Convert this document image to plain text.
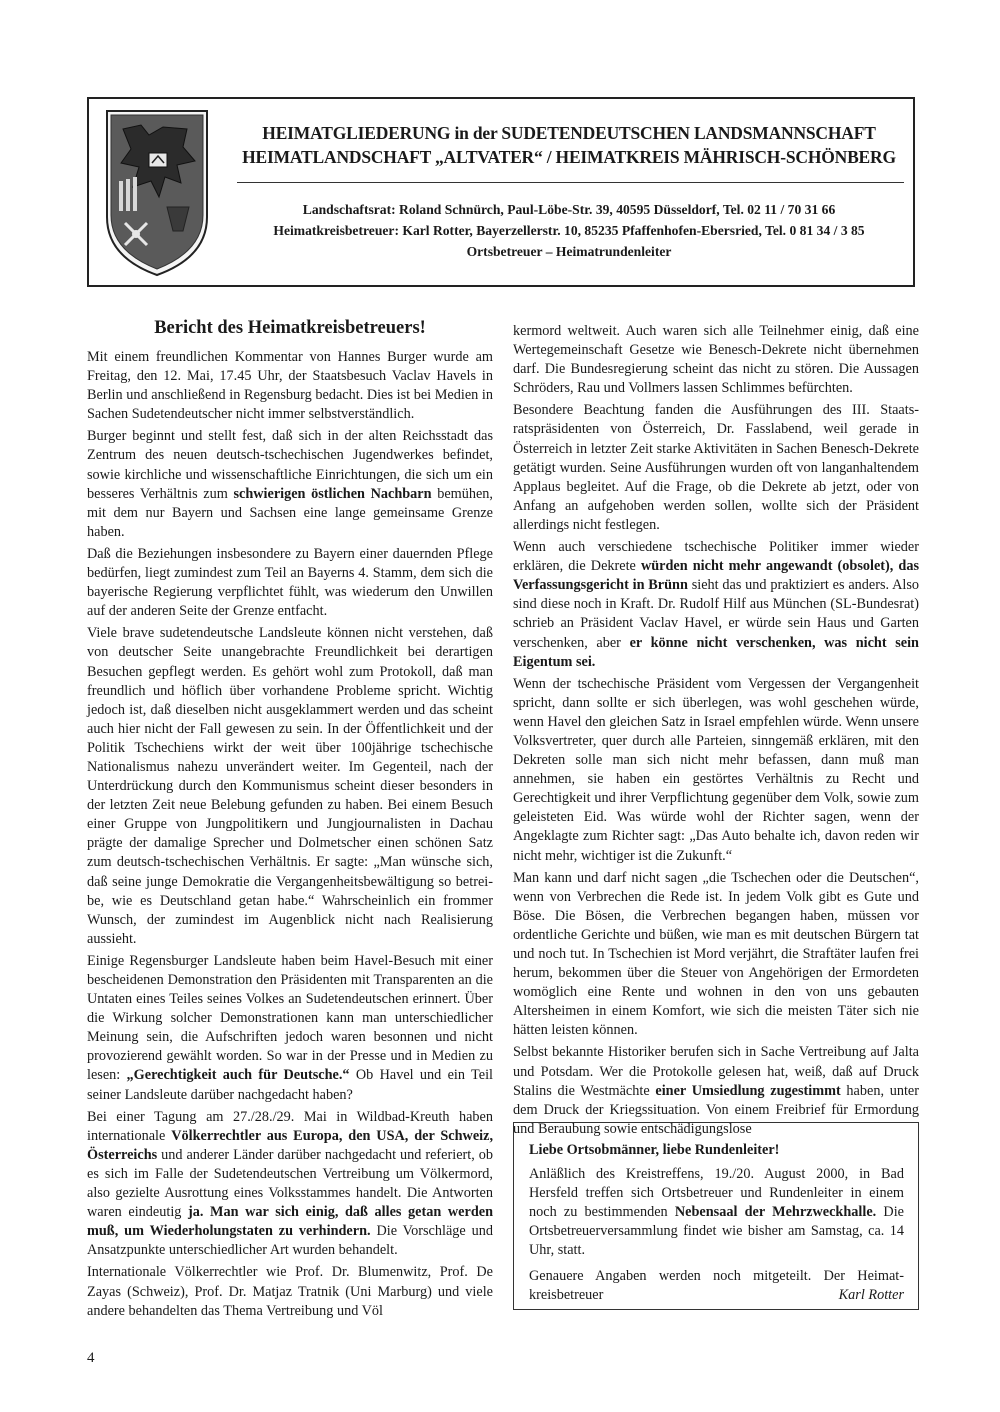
HEIMATGLIEDERUNG in der SUDETENDEUTSCHEN LANDSMANNSCHAFT
HEIMATLANDSCHAFT „ALTVATER“ / HEIMATKREIS MÄHRISCH-SCHÖNBERG
Landschaftsrat: Roland Schnürch, Paul-Löbe-Str. 39, 40595 Düsseldorf, Tel. 02 11 / 70 31 66
Heimatkreisbetreuer: Karl Rotter, Bayerzellerstr. 10, 85235 Pfaffenhofen-Ebersried, Tel. 0 81 34 / 3 85
Ortsbetreuer – Heimatrundenleiter
Bericht des Heimatkreisbetreuers!

Mit einem freundlichen Kommentar von Hannes Burger wurde am Freitag, den 12. Mai, 17.45 Uhr, der Staatsbesuch Vaclav Havels in Berlin und anschließend in Regensburg bedacht. Dies ist bei Medien in Sachen Sudetendeutscher nicht immer selbstverständlich.

Burger beginnt und stellt fest, daß sich in der alten Reichsstadt das Zentrum des neuen deutsch-tschechischen Jugendwerkes befindet, sowie kirchliche und wissenschaftliche Einrichtungen, die sich um ein besseres Verhältnis zum schwierigen östlichen Nachbarn bemühen, mit dem nur Bayern und Sachsen eine lange gemeinsame Grenze haben.

Daß die Beziehungen insbesondere zu Bayern einer dauernden Pflege bedürfen, liegt zumindest zum Teil an Bayerns 4. Stamm, dem sich die bayerische Regierung verpflichtet fühlt, was wiederum den Unwillen auf der anderen Seite der Grenze entfacht.

Viele brave sudetendeutsche Landsleute können nicht verstehen, daß von deutscher Seite unangebrachte Freundlichkeit bei derartigen Besuchen gepflegt werden. Es gehört wohl zum Protokoll, daß man freundlich und höflich über vorhandene Probleme spricht. Wichtig jedoch ist, daß dieselben nicht ausgeklammert werden und das scheint auch hier nicht der Fall gewesen zu sein. In der Öffentlichkeit und der Politik Tschechiens wirkt der weit über 100jährige tschechische Nationalismus nahezu unverändert weiter. Im Gegenteil, nach der Unterdrückung durch den Kommunismus scheint dieser besonders in der letzten Zeit neue Belebung gefunden zu haben. Bei einem Besuch einer Gruppe von Jungpolitikern und Jungjournalisten in Dachau prägte der damalige Sprecher und Dolmetscher einen schönen Satz zum deutsch-tschechischen Verhältnis. Er sagte: „Man wünsche sich, daß seine junge Demokratie die Vergangenheitsbewältigung so betreibe, wie es Deutschland getan habe.“ Wahrscheinlich ein frommer Wunsch, der zumindest im Augenblick nicht nach Realisierung aussieht.

Einige Regensburger Landsleute haben beim Havel-Besuch mit einer bescheidenen Demonstration den Präsidenten mit Transparenten an die Untaten eines Teiles seines Volkes an Sudetendeutschen erinnert. Über die Wirkung solcher Demonstrationen kann man unterschiedlicher Meinung sein, die Aufschriften jedoch waren besonnen und nicht provozierend gewählt worden. So war in der Presse und in Medien zu lesen: „Gerechtigkeit auch für Deutsche.“ Ob Havel und ein Teil seiner Landsleute darüber nachgedacht haben?

Bei einer Tagung am 27./28./29. Mai in Wildbad-Kreuth haben internationale Völkerrechtler aus Europa, den USA, der Schweiz, Österreichs und anderer Länder darüber nachgedacht und referiert, ob es sich im Falle der Sudetendeutschen Vertreibung um Völkermord, also gezielte Ausrottung eines Volksstammes handelt. Die Antworten waren eindeutig ja. Man war sich einig, daß alles getan werden muß, um Wiederholungstaten zu verhindern. Die Vorschläge und Ansatzpunkte unterschiedlicher Art wurden behandelt.

Internationale Völkerrechtler wie Prof. Dr. Blumenwitz, Prof. De Zayas (Schweiz), Prof. Dr. Matjaz Tratnik (Uni Marburg) und viele andere behandelten das Thema Vertreibung und Völ

kermord weltweit. Auch waren sich alle Teilnehmer einig, daß eine Wertegemeinschaft Gesetze wie Benesch-Dekrete nicht übernehmen darf. Die Bundesregierung scheint das nicht zu stören. Die Aussagen Schröders, Rau und Vollmers lassen Schlimmes befürchten.

Besondere Beachtung fanden die Ausführungen des III. Staatsratspräsidenten von Österreich, Dr. Fasslabend, weil gerade in Österreich in letzter Zeit starke Aktivitäten in Sachen Benesch-Dekrete getätigt wurden. Seine Ausführungen wurden oft von langanhaltendem Applaus begleitet. Auf die Frage, ob die Dekrete ab jetzt, oder von Anfang an aufgehoben werden sollen, wollte sich der Präsident allerdings nicht festlegen.

Wenn auch verschiedene tschechische Politiker immer wieder erklären, die Dekrete würden nicht mehr angewandt (obsolet), das Verfassungsgericht in Brünn sieht das und praktiziert es anders. Also sind diese noch in Kraft. Dr. Rudolf Hilf aus München (SL-Bundesrat) schrieb an Präsident Vaclav Havel, er würde sein Haus und Garten verschenken, aber er könne nicht verschenken, was nicht sein Eigentum sei.

Wenn der tschechische Präsident vom Vergessen der Vergangenheit spricht, dann sollte er sich überlegen, was wohl geschehen würde, wenn Havel den gleichen Satz in Israel empfehlen würde. Wenn unsere Volksvertreter, quer durch alle Parteien, sinngemäß erklären, mit den Dekreten solle man sich nicht mehr befassen, dann muß man annehmen, sie haben ein gestörtes Verhältnis zu Recht und Gerechtigkeit und ihrer Verpflichtung gegenüber dem Volk, sowie zum geleisteten Eid. Was würde wohl der Richter sagen, wenn der Angeklagte zum Richter sagt: „Das Auto behalte ich, davon reden wir nicht mehr, wichtiger ist die Zukunft.“

Man kann und darf nicht sagen „die Tschechen oder die Deutschen“, wenn von Verbrechen die Rede ist. In jedem Volk gibt es Gute und Böse. Die Bösen, die Verbrechen begangen haben, müssen vor ordentliche Gerichte und büßen, wie man es mit deutschen Bürgern tat und noch tut. In Tschechien ist Mord verjährt, die Straftäter laufen frei herum, bekommen über die Steuer von Angehörigen der Ermordeten womöglich eine Rente und wohnen in den von uns gebauten Altersheimen in einem Komfort, wie sich die meisten Täter sich nie hätten leisten können.

Selbst bekannte Historiker berufen sich in Sache Vertreibung auf Jalta und Potsdam. Wer die Protokolle gelesen hat, weiß, daß auf Druck Stalins die Westmächte einer Umsiedlung zugestimmt haben, unter dem Druck der Kriegssituation. Von einem Freibrief für Ermordung und Beraubung sowie entschädigungslose

Liebe Ortsobmänner, liebe Rundenleiter!

Anläßlich des Kreistreffens, 19./20. August 2000, in Bad Hersfeld treffen sich Ortsbetreuer und Rundenleiter in einem noch zu bestimmenden Nebensaal der Mehrzweckhalle. Die Ortsbetreuerversammlung findet wie bisher am Samstag, ca. 14 Uhr, statt.

Genauere Angaben werden noch mitgeteilt. Der Heimatkreisbetreuer	Karl Rotter

4
